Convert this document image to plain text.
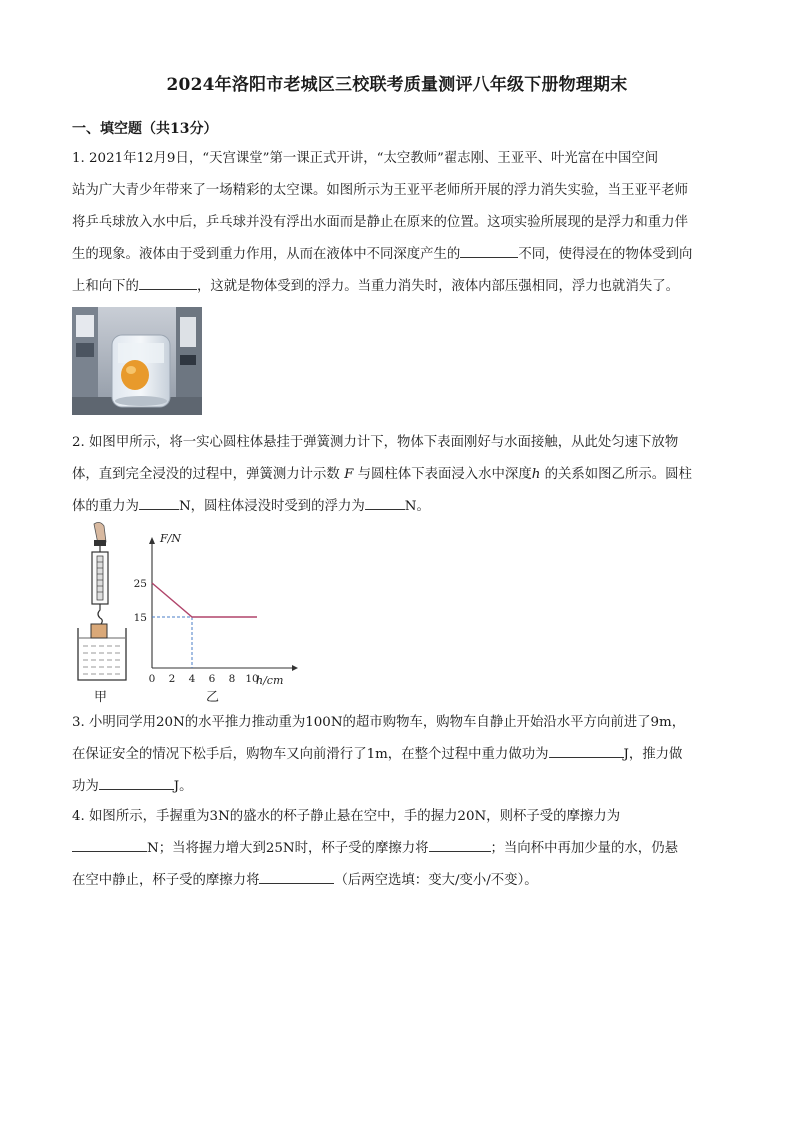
2024年洛阳市老城区三校联考质量测评八年级下册物理期末
一、填空题（共13分）
1. 2021年12月9日，“天宫课堂”第一课正式开讲，“太空教师”翟志刚、王亚平、叶光富在中国空间
站为广大青少年带来了一场精彩的太空课。如图所示为王亚平老师所开展的浮力消失实验，当王亚平老师
将乒乓球放入水中后，乒乓球并没有浮出水面而是静止在原来的位置。这项实验所展现的是浮力和重力伴
生的现象。液体由于受到重力作用，从而在液体中不同深度产生的	不同，使得浸在的物体受到向
上和向下的	，这就是物体受到的浮力。当重力消失时，液体内部压强相同，浮力也就消失了。
2. 如图甲所示，将一实心圆柱体悬挂于弹簧测力计下，物体下表面刚好与水面接触，从此处匀速下放物
体，直到完全浸没的过程中，弹簧测力计示数 F 与圆柱体下表面浸入水中深度h 的关系如图乙所示。圆柱
体的重力为	N，圆柱体浸没时受到的浮力为	N。
甲
F/N
h/cm
0 2 4 6 8 10
15
25
乙
3. 小明同学用20N的水平推力推动重为100N的超市购物车，购物车自静止开始沿水平方向前进了9m，
在保证安全的情况下松手后，购物车又向前滑行了1m，在整个过程中重力做功为	J，推力做
功为	J。
4. 如图所示，手握重为3N的盛水的杯子静止悬在空中，手的握力20N，则杯子受的摩擦力为
N；当将握力增大到25N时，杯子受的摩擦力将	；当向杯中再加少量的水，仍悬
在空中静止，杯子受的摩擦力将	（后两空选填：变大/变小/不变）。
